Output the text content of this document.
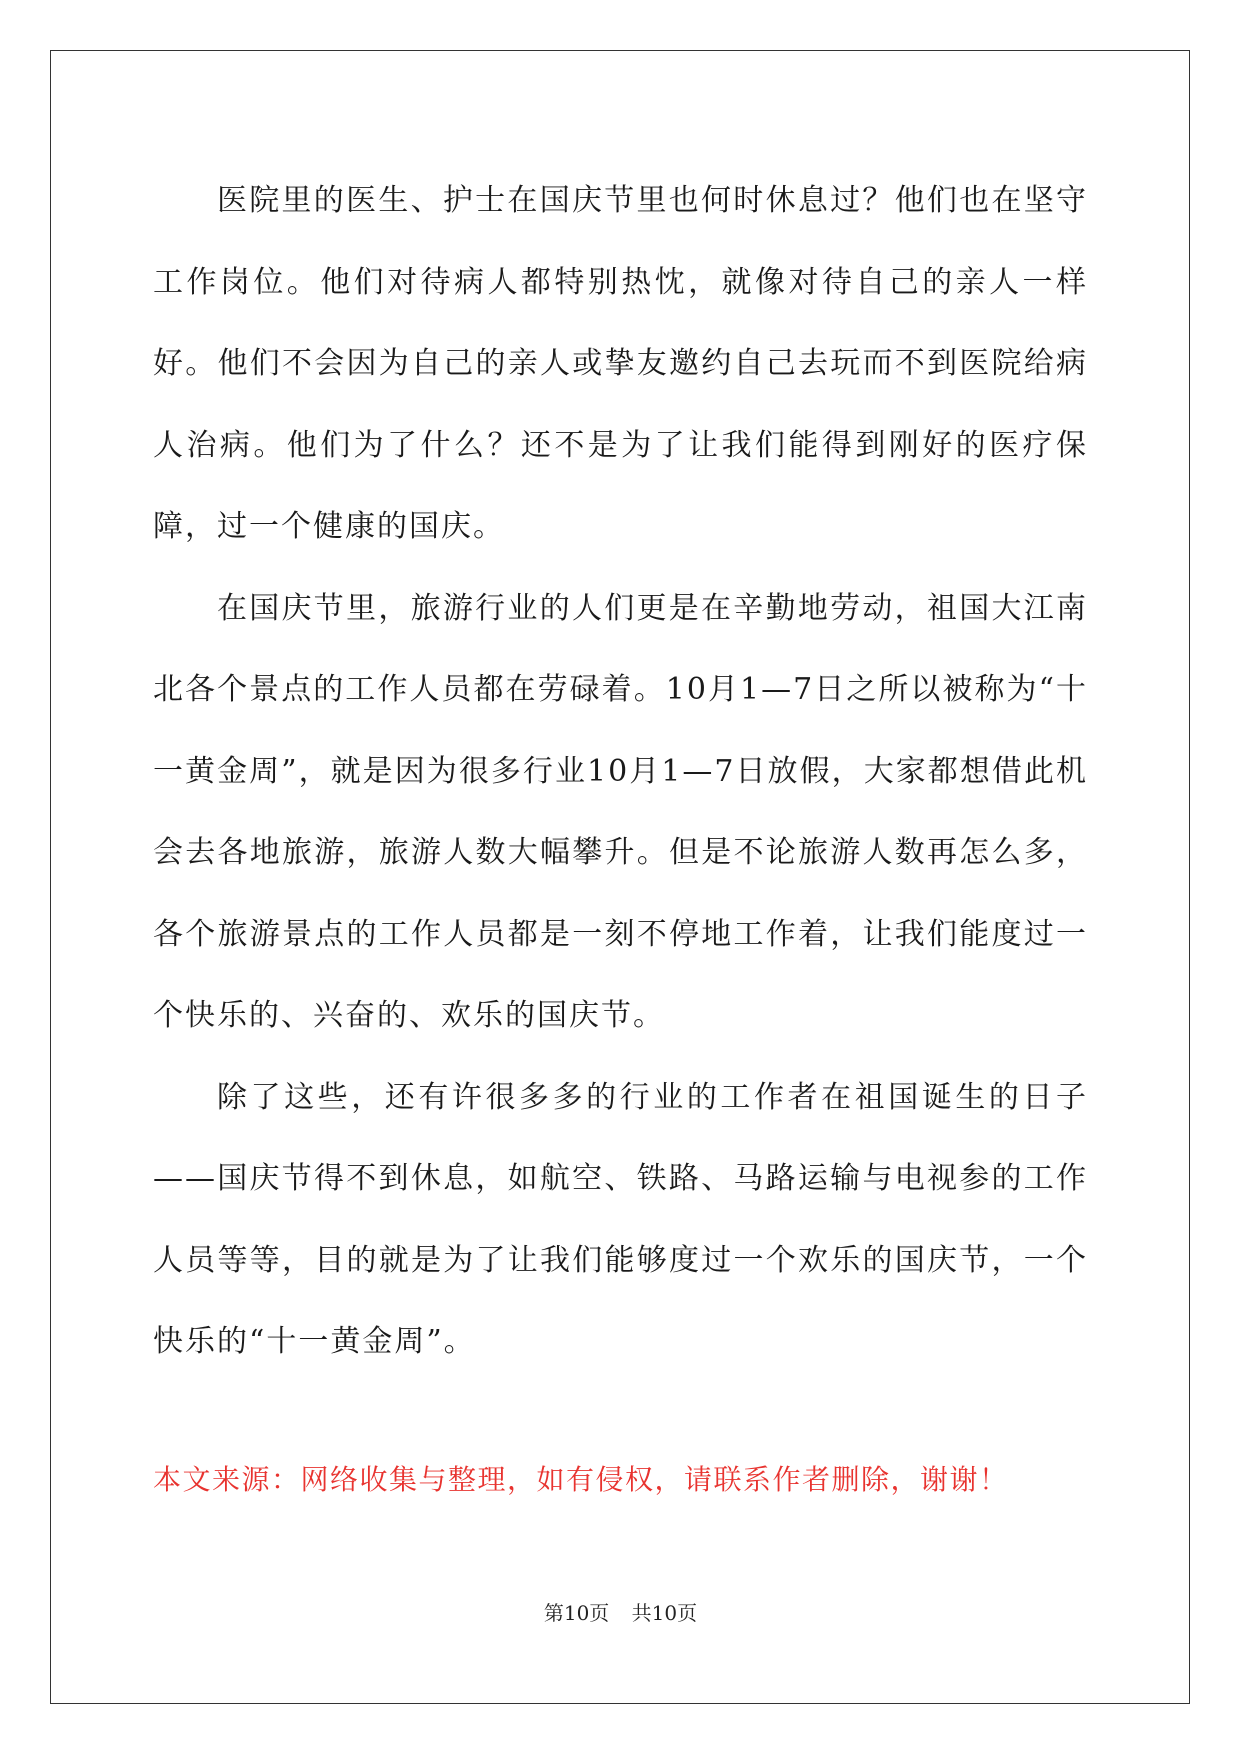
医院里的医生、护士在国庆节里也何时休息过？他们也在坚守工作岗位。他们对待病人都特别热忱，就像对待自己的亲人一样好。他们不会因为自己的亲人或挚友邀约自己去玩而不到医院给病人治病。他们为了什么？还不是为了让我们能得到刚好的医疗保障，过一个健康的国庆。

在国庆节里，旅游行业的人们更是在辛勤地劳动，祖国大江南北各个景点的工作人员都在劳碌着。10月1—7日之所以被称为“十一黄金周”，就是因为很多行业10月1—7日放假，大家都想借此机会去各地旅游，旅游人数大幅攀升。但是不论旅游人数再怎么多，各个旅游景点的工作人员都是一刻不停地工作着，让我们能度过一个快乐的、兴奋的、欢乐的国庆节。

除了这些，还有许很多多的行业的工作者在祖国诞生的日子——国庆节得不到休息，如航空、铁路、马路运输与电视参的工作人员等等，目的就是为了让我们能够度过一个欢乐的国庆节，一个快乐的“十一黄金周”。

本文来源：网络收集与整理，如有侵权，请联系作者删除，谢谢！

第10页 共10页
